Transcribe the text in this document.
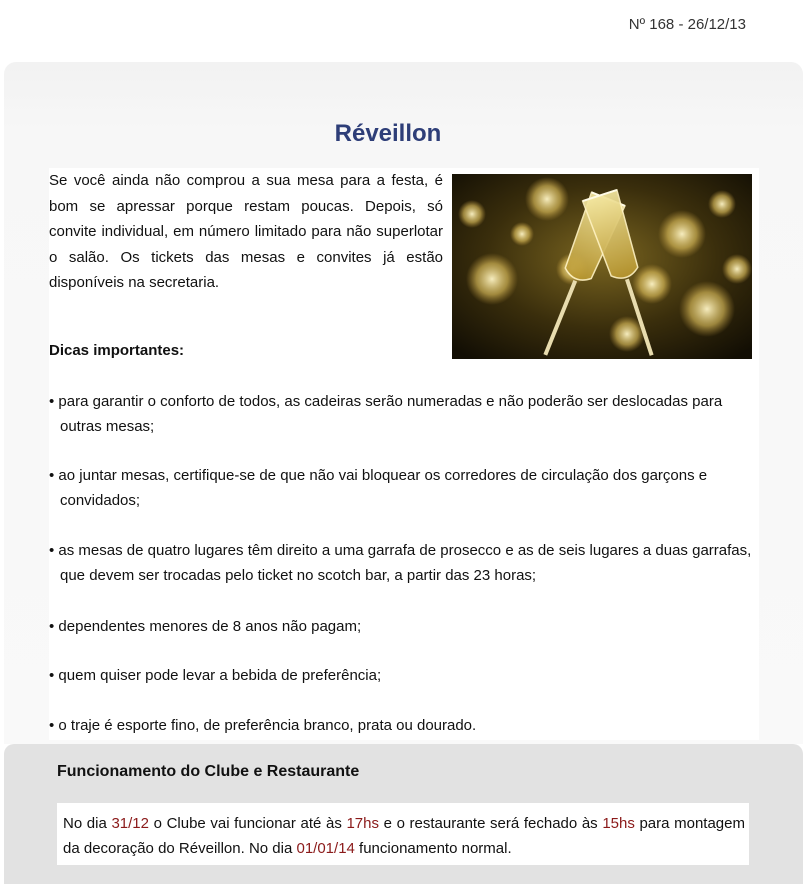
Nº 168 - 26/12/13
Réveillon

Se você ainda não comprou a sua mesa para a festa, é bom se apressar porque restam poucas. Depois, só convite individual, em número limitado para não superlotar o salão. Os tickets das mesas e convites já estão disponíveis na secretaria.

Dicas importantes:
• para garantir o conforto de todos, as cadeiras serão numeradas e não poderão ser deslocadas para outras mesas;
• ao juntar mesas, certifique-se de que não vai bloquear os corredores de circulação dos garçons e convidados;
• as mesas de quatro lugares têm direito a uma garrafa de prosecco e as de seis lugares a duas garrafas, que devem ser trocadas pelo ticket no scotch bar, a partir das 23 horas;
• dependentes menores de 8 anos não pagam;
• quem quiser pode levar a bebida de preferência;
• o traje é esporte fino, de preferência branco, prata ou dourado.
Funcionamento do Clube e Restaurante
No dia 31/12 o Clube vai funcionar até às 17hs e o restaurante será fechado às 15hs para montagem da decoração do Réveillon. No dia 01/01/14 funcionamento normal.
